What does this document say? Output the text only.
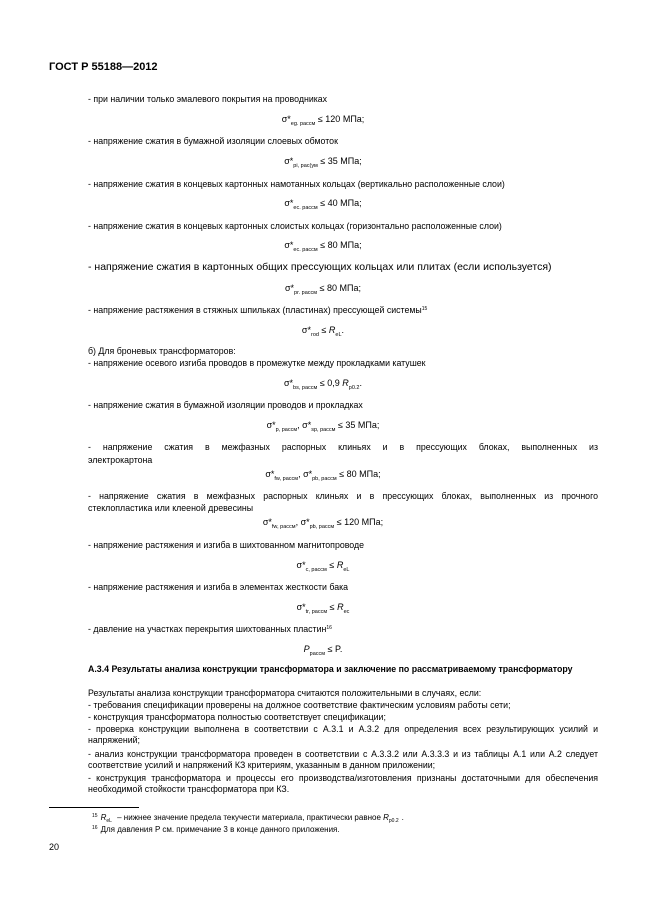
ГОСТ Р 55188—2012
- при наличии только эмалевого покрытия на проводниках
$\sigma*_{eg. paccм} \le 120$ МПа;
- напряжение сжатия в бумажной изоляции слоевых обмоток
$\sigma*_{pi, pac(ум} \le 35$ МПа;
- напряжение сжатия в концевых картонных намотанных кольцах (вертикально расположенные слои)
$\sigma*_{ec. paccм} \le 40$ МПа;
- напряжение сжатия в концевых картонных слоистых кольцах (горизонтально расположенные слои)
$\sigma*_{ec. paccм} \le 80$ МПа;
- напряжение сжатия в картонных общих прессующих кольцах или плитах (если используется)
$\sigma*_{pr. paccм} \le 80$ МПа;
- напряжение растяжения в стяжных шпильках (пластинах) прессующей системы$^{15}$
$\sigma*_{rod} \le R_{eL}$.
б) Для броневых трансформаторов:
- напряжение осевого изгиба проводов в промежутке между прокладками катушек
$\sigma*_{bs, paccм} \le 0,9$ $R_{p0.2}$.
- напряжение сжатия в бумажной изоляции проводов и прокладках
$\sigma*_{p, paccм}$, $\sigma*_{sp, paccм} \le 35$ МПа;
- напряжение сжатия в межфазных распорных клиньях и в прессующих блоках, выполненных из
электрокартона
$\sigma*_{fw, paccм}$, $\sigma*_{pb, paccм} \le 80$ МПа;
- напряжение сжатия в межфазных распорных клиньях и в прессующих блоках, выполненных из прочного
стеклопластика или клееной древесины
$\sigma*_{fw, paccм}$, $\sigma*_{pb, paccм} \le 120$ МПа;
- напряжение растяжения и изгиба в шихтованном магнитопроводе
$\sigma*_{c, paccм} \le R_{eL}$
- напряжение растяжения и изгиба в элементах жесткости бака
$\sigma*_{tr, paccм} \le R_{ec}$
- давление на участках перекрытия шихтованных пластин$^{16}$
$P_{paccм} \le P$.
А.3.4 Результаты анализа конструкции трансформатора и заключение по рассматриваемому трансформатору
Результаты анализа конструкции трансформатора считаются положительными в случаях, если:
- требования спецификации проверены на должное соответствие фактическим условиям работы сети;
- конструкция трансформатора полностью соответствует спецификации;
- проверка конструкции выполнена в соответствии с А.3.1 и А.3.2 для определения всех результирующих усилий и напряжений;
- анализ конструкции трансформатора проведен в соответствии с А.3.3.2 или А.3.3.3 и из таблицы А.1 или А.2 следует соответствие усилий и напряжений КЗ критериям, указанным в данном приложении;
- конструкция трансформатора и процессы его производства/изготовления признаны достаточными для обеспечения необходимой стойкости трансформатора при КЗ.
$^{15}$ $R_{eL}$ – нижнее значение предела текучести материала, практически равное $R_{p0.2}$ .
$^{16}$ Для давления P см. примечание 3 в конце данного приложения.
20
